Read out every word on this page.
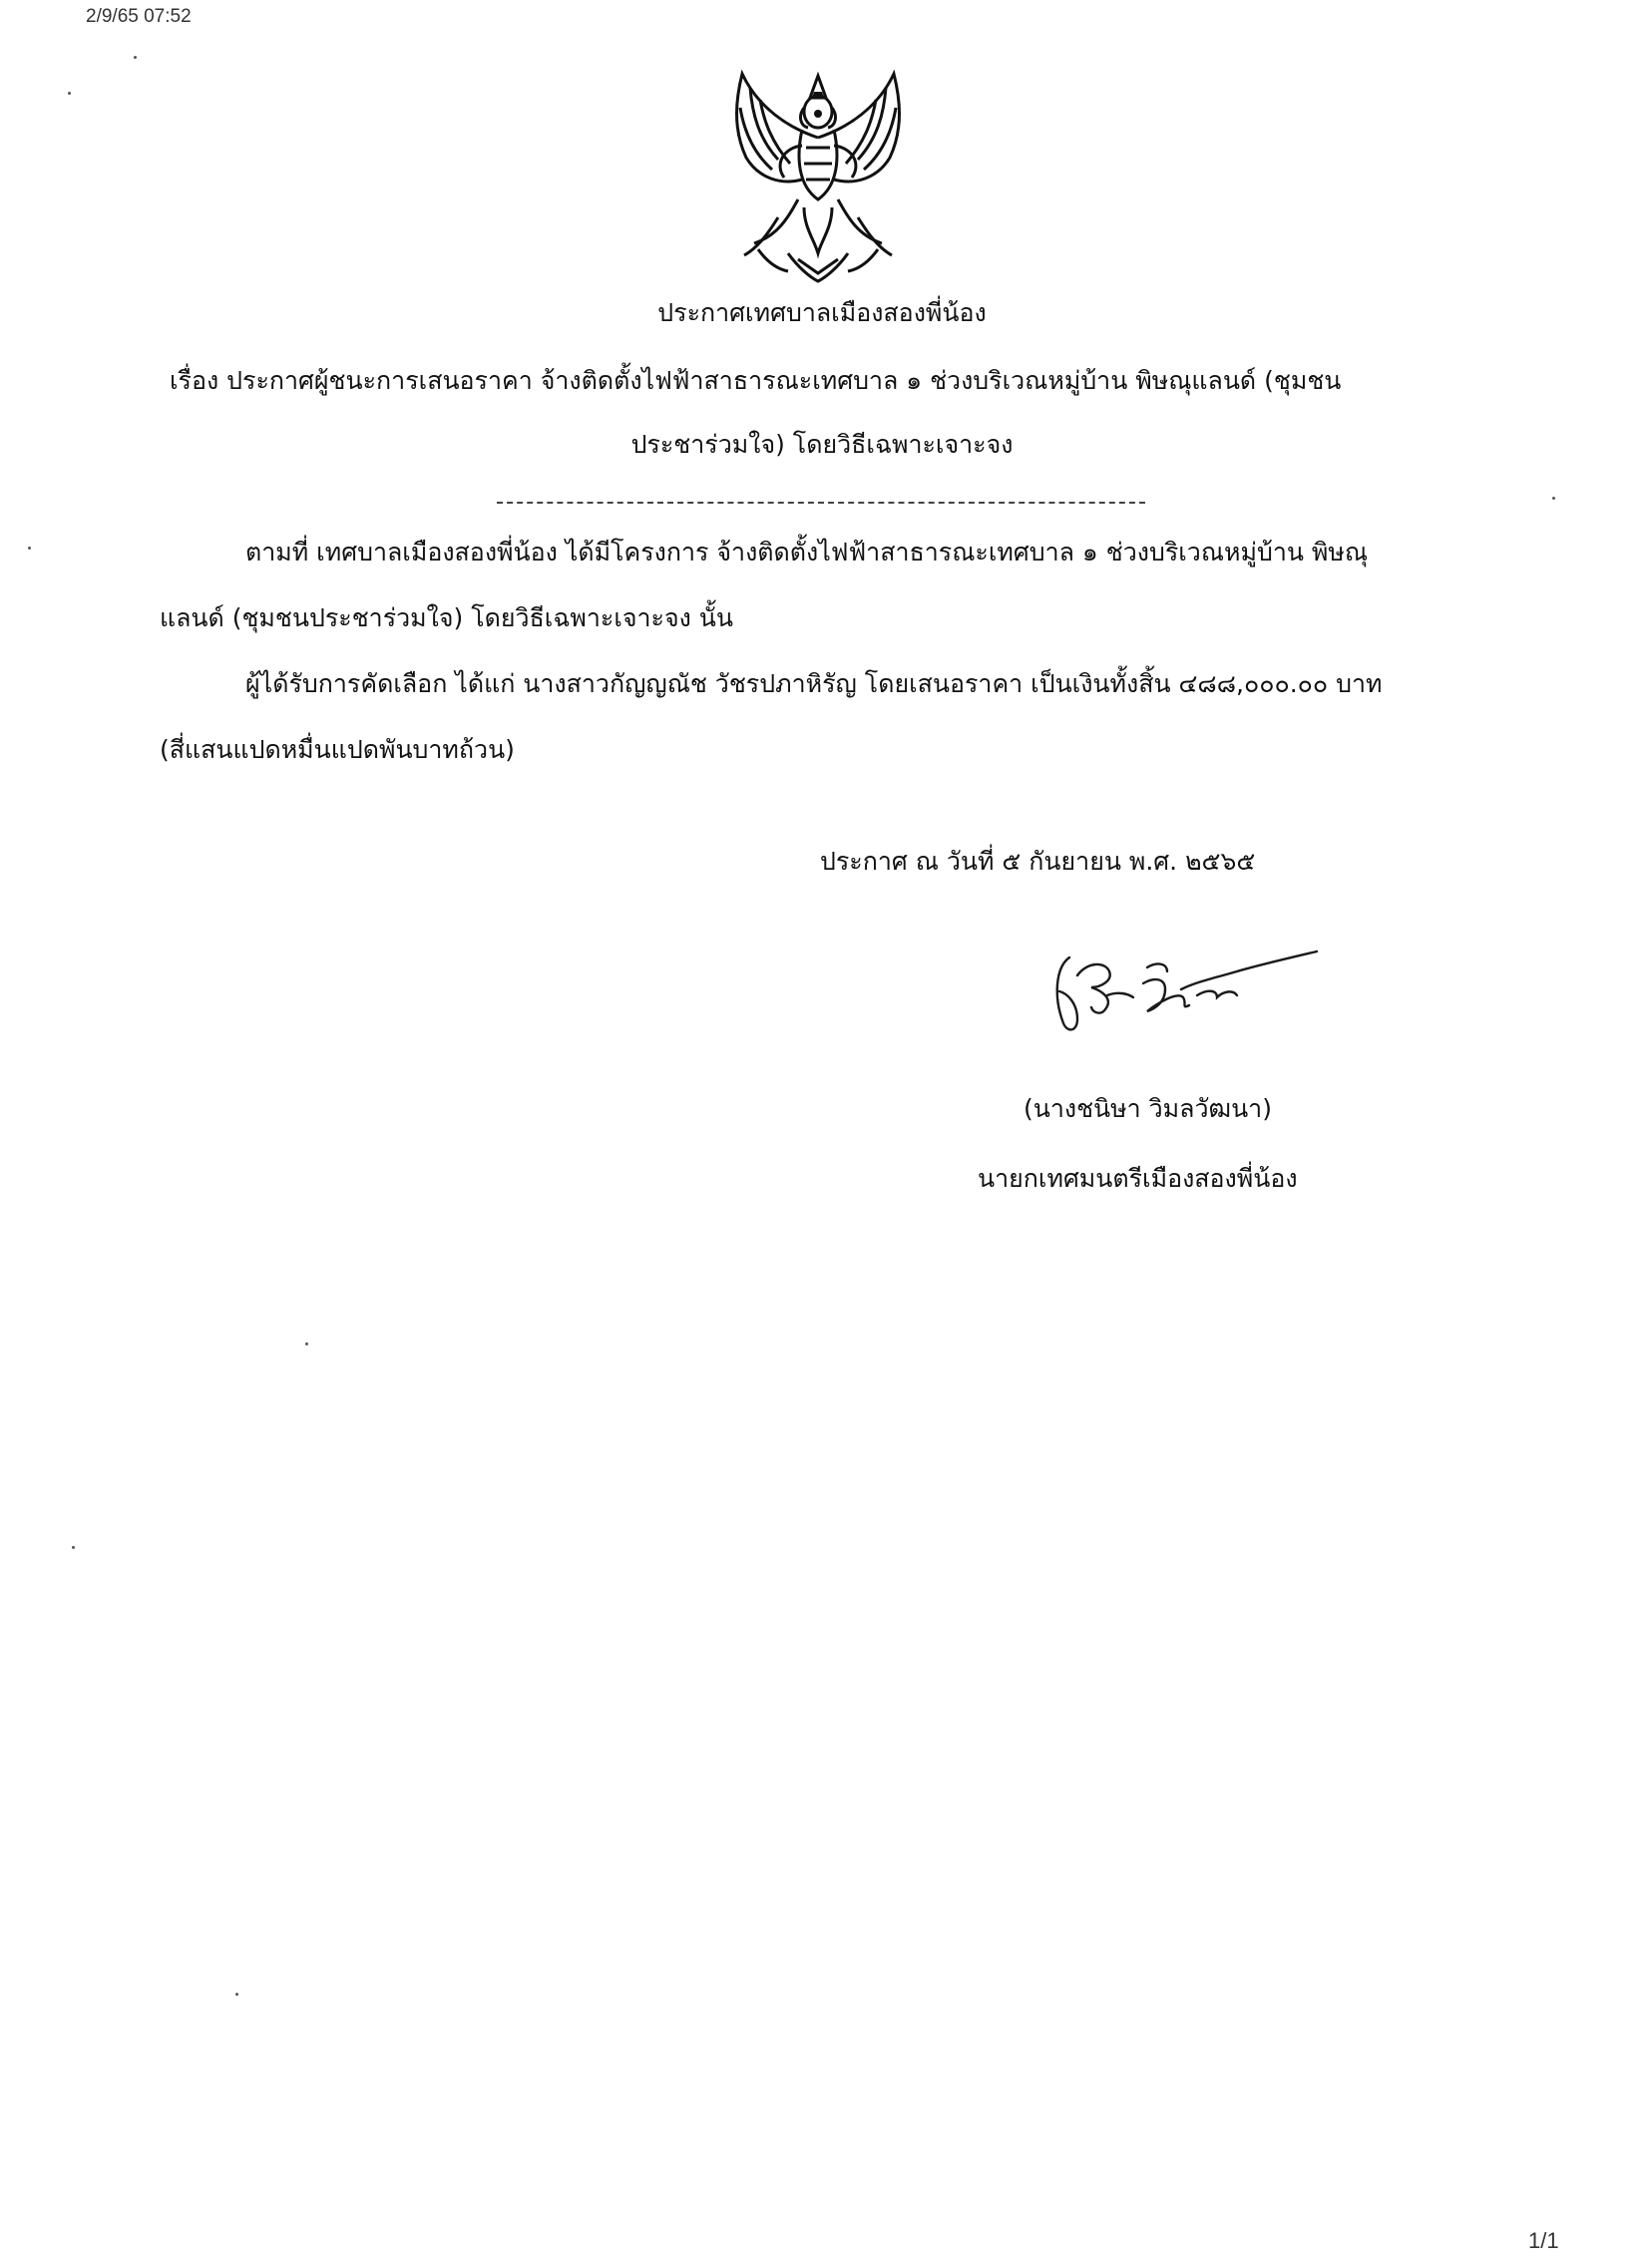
2/9/65 07:52
ประกาศเทศบาลเมืองสองพี่น้อง
เรื่อง ประกาศผู้ชนะการเสนอราคา จ้างติดตั้งไฟฟ้าสาธารณะเทศบาล ๑ ช่วงบริเวณหมู่บ้าน พิษณุแลนด์ (ชุมชน
ประชาร่วมใจ) โดยวิธีเฉพาะเจาะจง
ตามที่ เทศบาลเมืองสองพี่น้อง ได้มีโครงการ จ้างติดตั้งไฟฟ้าสาธารณะเทศบาล ๑ ช่วงบริเวณหมู่บ้าน พิษณุ
แลนด์ (ชุมชนประชาร่วมใจ) โดยวิธีเฉพาะเจาะจง นั้น
ผู้ได้รับการคัดเลือก ได้แก่ นางสาวกัญญณัช วัชรปภาหิรัญ โดยเสนอราคา เป็นเงินทั้งสิ้น ๔๘๘,๐๐๐.๐๐ บาท
(สี่แสนแปดหมื่นแปดพันบาทถ้วน)
ประกาศ ณ วันที่ ๕ กันยายน พ.ศ. ๒๕๖๕
(นางชนิษา วิมลวัฒนา)
นายกเทศมนตรีเมืองสองพี่น้อง
1/1
